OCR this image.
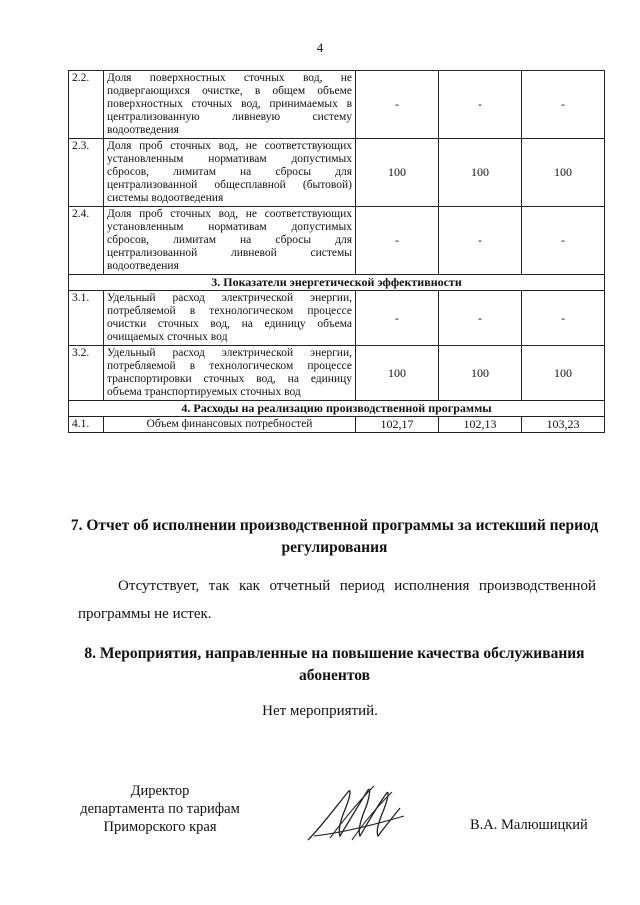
4
2.2.	Доля поверхностных сточных вод, не подвергающихся очистке, в общем объеме поверхностных сточных вод, принимаемых в централизованную ливневую систему водоотведения	-	-	-
2.3.	Доля проб сточных вод, не соответствующих установленным нормативам допустимых сбросов, лимитам на сбросы для централизованной общесплавной (бытовой) системы водоотведения	100	100	100
2.4.	Доля проб сточных вод, не соответствующих установленным нормативам допустимых сбросов, лимитам на сбросы для централизованной ливневой системы водоотведения	-	-	-
3. Показатели энергетической эффективности				
3.1.	Удельный расход электрической энергии, потребляемой в технологическом процессе очистки сточных вод, на единицу объема очищаемых сточных вод	-	-	-
3.2.	Удельный расход электрической энергии, потребляемой в технологическом процессе транспортировки сточных вод, на единицу объема транспортируемых сточных вод	100	100	100
4. Расходы на реализацию производственной программы				
4.1.	Объем финансовых потребностей	102,17	102,13	103,23
7. Отчет об исполнении производственной программы за истекший период регулирования
Отсутствует, так как отчетный период исполнения производственной программы не истек.
8. Мероприятия, направленные на повышение качества обслуживания абонентов
Нет мероприятий.
Директор
департамента по тарифам
Приморского края	В.А. Малюшицкий
